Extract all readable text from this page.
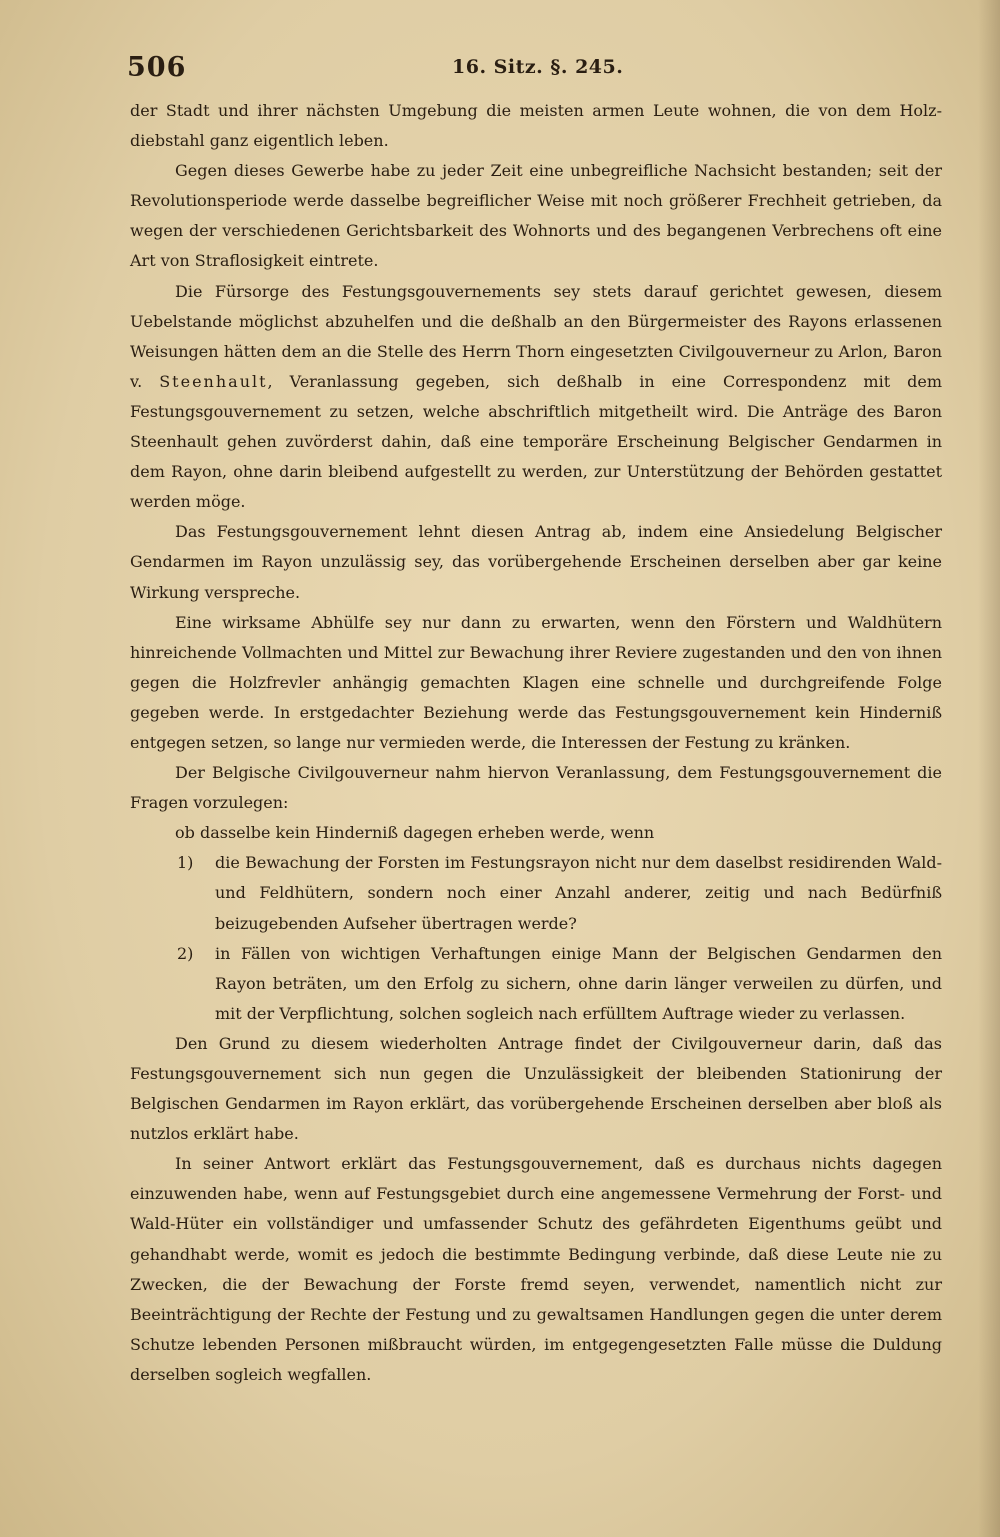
506	16. Sitz. §. 245.

der Stadt und ihrer nächsten Umgebung die meisten armen Leute wohnen, die von dem Holz-diebstahl ganz eigentlich leben.

Gegen dieses Gewerbe habe zu jeder Zeit eine unbegreifliche Nachsicht bestanden; seit der Revolutionsperiode werde dasselbe begreiflicher Weise mit noch größerer Frechheit getrieben, da wegen der verschiedenen Gerichtsbarkeit des Wohnorts und des begangenen Verbrechens oft eine Art von Straflosigkeit eintrete.

Die Fürsorge des Festungsgouvernements sey stets darauf gerichtet gewesen, diesem Uebelstande möglichst abzuhelfen und die deßhalb an den Bürgermeister des Rayons erlassenen Weisungen hätten dem an die Stelle des Herrn Thorn eingesetzten Civilgouverneur zu Arlon, Baron v. Steenhault, Veranlassung gegeben, sich deßhalb in eine Correspondenz mit dem Festungsgouvernement zu setzen, welche abschriftlich mitgetheilt wird. Die Anträge des Baron Steenhault gehen zuvörderst dahin, daß eine temporäre Erscheinung Belgischer Gendarmen in dem Rayon, ohne darin bleibend aufgestellt zu werden, zur Unterstützung der Behörden gestattet werden möge.

Das Festungsgouvernement lehnt diesen Antrag ab, indem eine Ansiedelung Belgischer Gendarmen im Rayon unzulässig sey, das vorübergehende Erscheinen derselben aber gar keine Wirkung verspreche.

Eine wirksame Abhülfe sey nur dann zu erwarten, wenn den Förstern und Waldhütern hinreichende Vollmachten und Mittel zur Bewachung ihrer Reviere zugestanden und den von ihnen gegen die Holzfrevler anhängig gemachten Klagen eine schnelle und durchgreifende Folge gegeben werde. In erstgedachter Beziehung werde das Festungsgouvernement kein Hinderniß entgegen setzen, so lange nur vermieden werde, die Interessen der Festung zu kränken.

Der Belgische Civilgouverneur nahm hiervon Veranlassung, dem Festungsgouvernement die Fragen vorzulegen:

ob dasselbe kein Hinderniß dagegen erheben werde, wenn

1) die Bewachung der Forsten im Festungsrayon nicht nur dem daselbst residirenden Wald- und Feldhütern, sondern noch einer Anzahl anderer, zeitig und nach Bedürfniß beizugebenden Aufseher übertragen werde?

2) in Fällen von wichtigen Verhaftungen einige Mann der Belgischen Gendarmen den Rayon beträten, um den Erfolg zu sichern, ohne darin länger verweilen zu dürfen, und mit der Verpflichtung, solchen sogleich nach erfülltem Auftrage wieder zu verlassen.

Den Grund zu diesem wiederholten Antrage findet der Civilgouverneur darin, daß das Festungsgouvernement sich nun gegen die Unzulässigkeit der bleibenden Stationirung der Belgischen Gendarmen im Rayon erklärt, das vorübergehende Erscheinen derselben aber bloß als nutzlos erklärt habe.

In seiner Antwort erklärt das Festungsgouvernement, daß es durchaus nichts dagegen einzuwenden habe, wenn auf Festungsgebiet durch eine angemessene Vermehrung der Forst- und Wald-Hüter ein vollständiger und umfassender Schutz des gefährdeten Eigenthums geübt und gehandhabt werde, womit es jedoch die bestimmte Bedingung verbinde, daß diese Leute nie zu Zwecken, die der Bewachung der Forste fremd seyen, verwendet, namentlich nicht zur Beeinträchtigung der Rechte der Festung und zu gewaltsamen Handlungen gegen die unter derem Schutze lebenden Personen mißbraucht würden, im entgegengesetzten Falle müsse die Duldung derselben sogleich wegfallen.
